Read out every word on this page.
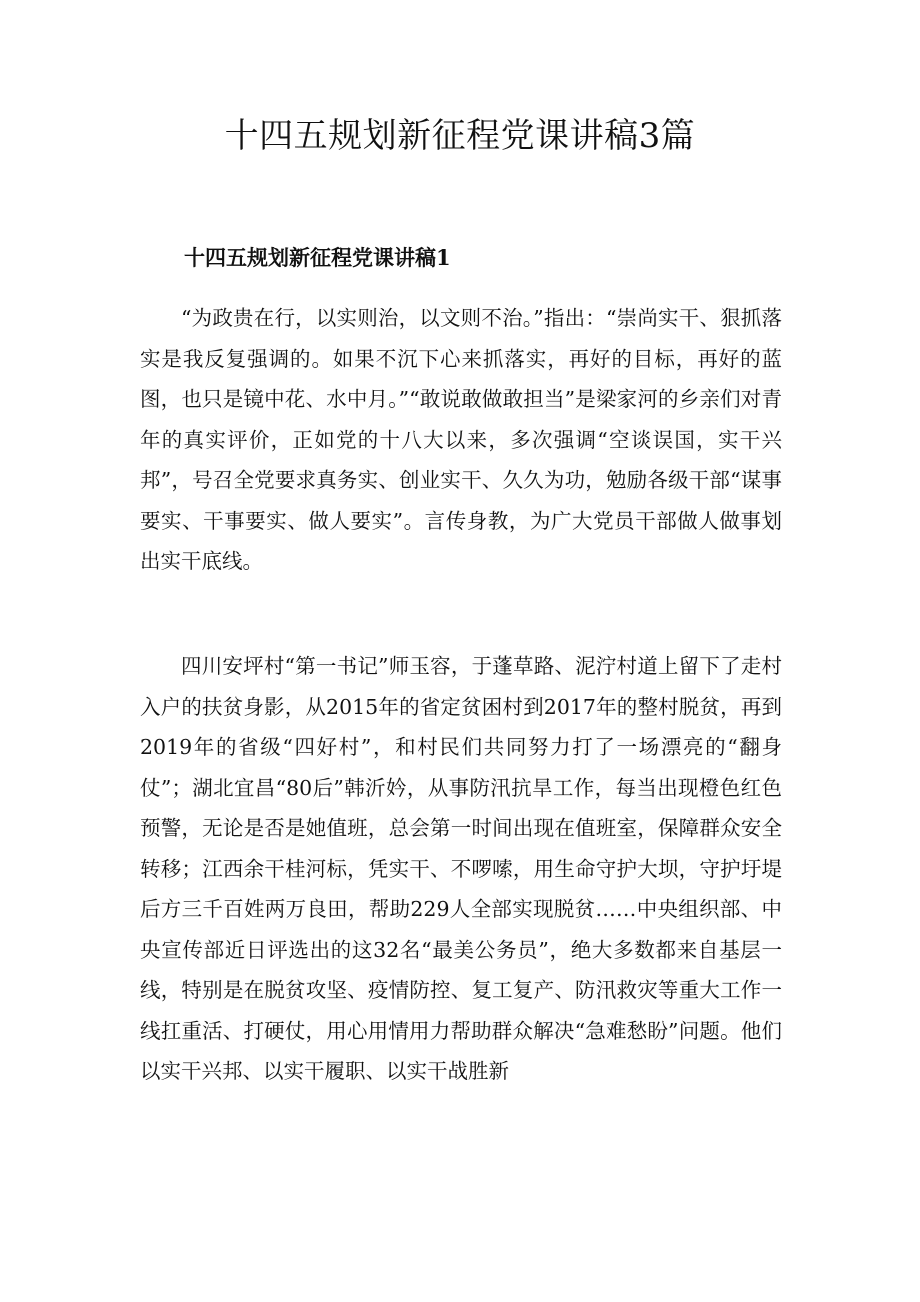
十四五规划新征程党课讲稿3篇
十四五规划新征程党课讲稿1

“为政贵在行，以实则治，以文则不治。”指出：“崇尚实干、狠抓落实是我反复强调的。如果不沉下心来抓落实，再好的目标，再好的蓝图，也只是镜中花、水中月。”“敢说敢做敢担当”是梁家河的乡亲们对青年的真实评价，正如党的十八大以来，多次强调“空谈误国，实干兴邦”，号召全党要求真务实、创业实干、久久为功，勉励各级干部“谋事要实、干事要实、做人要实”。言传身教，为广大党员干部做人做事划出实干底线。

四川安坪村“第一书记”师玉容，于蓬草路、泥泞村道上留下了走村入户的扶贫身影，从2015年的省定贫困村到2017年的整村脱贫，再到2019年的省级“四好村”，和村民们共同努力打了一场漂亮的“翻身仗”；湖北宜昌“80后”韩沂妗，从事防汛抗旱工作，每当出现橙色红色预警，无论是否是她值班，总会第一时间出现在值班室，保障群众安全转移；江西余干桂河标，凭实干、不啰嗦，用生命守护大坝，守护圩堤后方三千百姓两万良田，帮助229人全部实现脱贫……中央组织部、中央宣传部近日评选出的这32名“最美公务员”，绝大多数都来自基层一线，特别是在脱贫攻坚、疫情防控、复工复产、防汛救灾等重大工作一线扛重活、打硬仗，用心用情用力帮助群众解决“急难愁盼”问题。他们以实干兴邦、以实干履职、以实干战胜新
